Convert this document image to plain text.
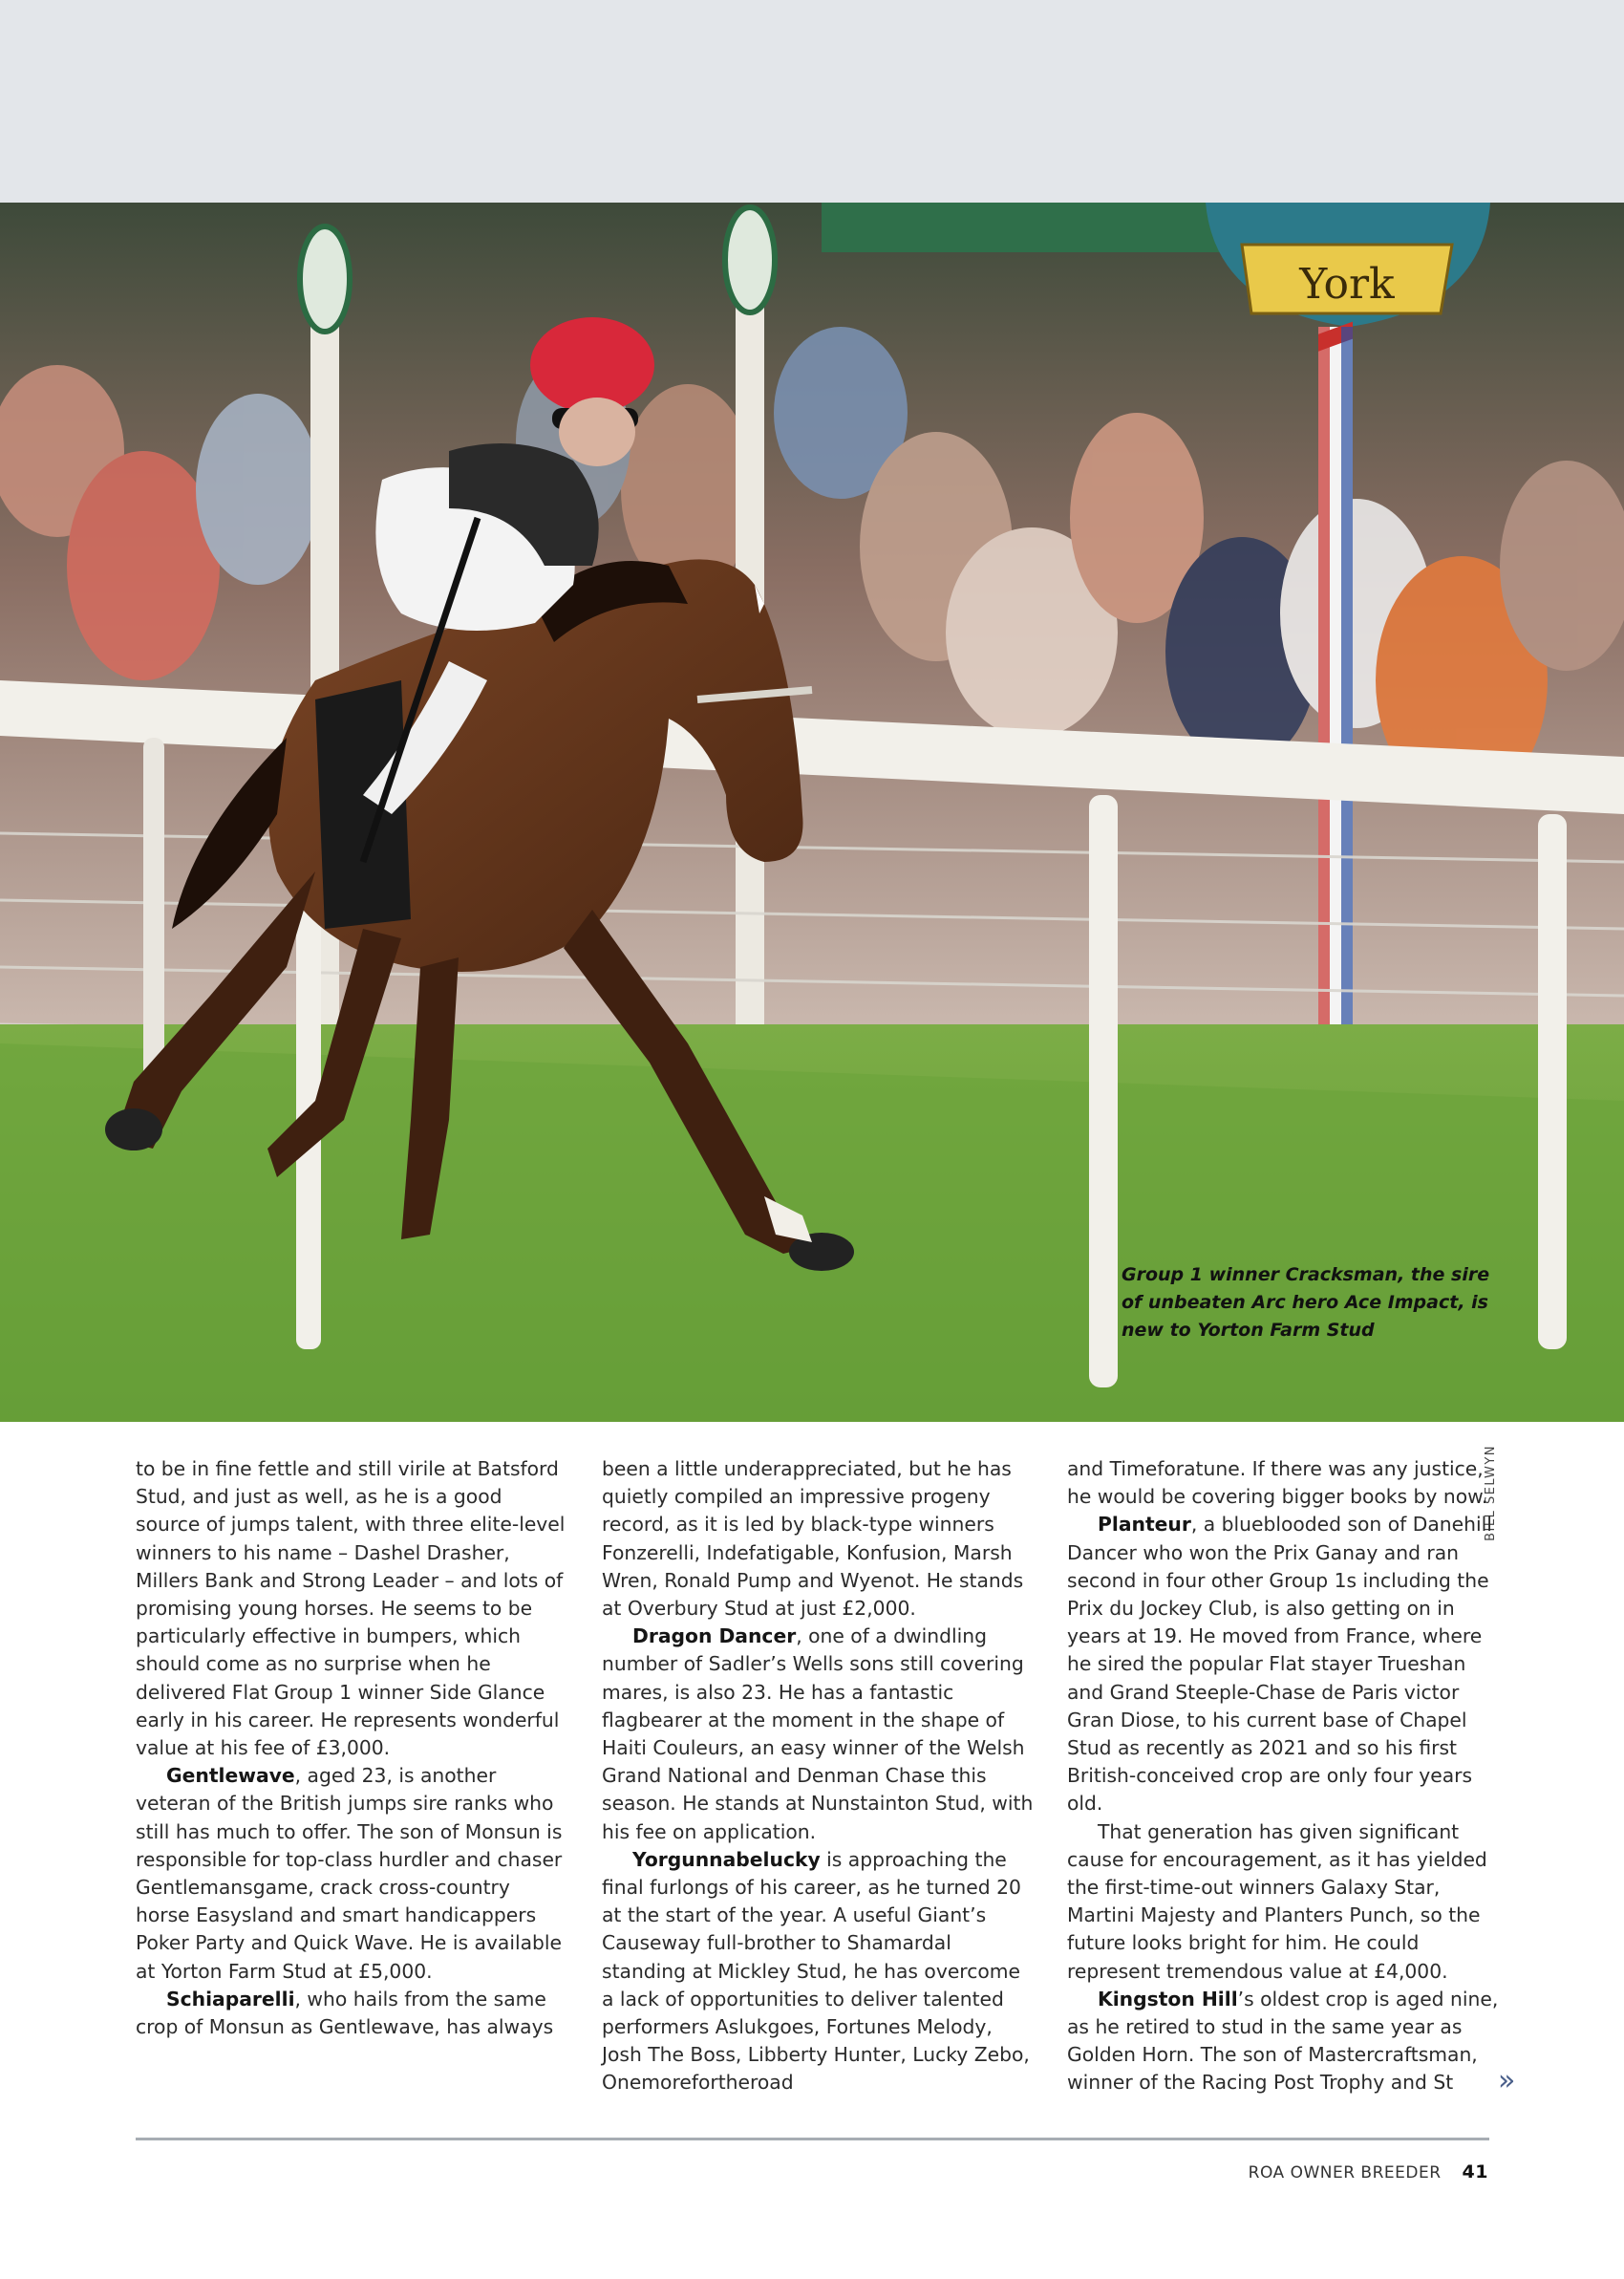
York
Group 1 winner Cracksman, the sire of unbeaten Arc hero Ace Impact, is new to Yorton Farm Stud
BILL SELWYN

to be in fine fettle and still virile at Batsford Stud, and just as well, as he is a good source of jumps talent, with three elite-level winners to his name – Dashel Drasher, Millers Bank and Strong Leader – and lots of promising young horses. He seems to be particularly effective in bumpers, which should come as no surprise when he delivered Flat Group 1 winner Side Glance early in his career. He represents wonderful value at his fee of £3,000.

Gentlewave, aged 23, is another veteran of the British jumps sire ranks who still has much to offer. The son of Monsun is responsible for top-class hurdler and chaser Gentlemansgame, crack cross-country horse Easysland and smart handicappers Poker Party and Quick Wave. He is available at Yorton Farm Stud at £5,000.

Schiaparelli, who hails from the same crop of Monsun as Gentlewave, has always

been a little underappreciated, but he has quietly compiled an impressive progeny record, as it is led by black-type winners Fonzerelli, Indefatigable, Konfusion, Marsh Wren, Ronald Pump and Wyenot. He stands at Overbury Stud at just £2,000.

Dragon Dancer, one of a dwindling number of Sadler’s Wells sons still covering mares, is also 23. He has a fantastic flagbearer at the moment in the shape of Haiti Couleurs, an easy winner of the Welsh Grand National and Denman Chase this season. He stands at Nunstainton Stud, with his fee on application.

Yorgunnabelucky is approaching the final furlongs of his career, as he turned 20 at the start of the year. A useful Giant’s Causeway full-brother to Shamardal standing at Mickley Stud, he has overcome a lack of opportunities to deliver talented performers Aslukgoes, Fortunes Melody, Josh The Boss, Libberty Hunter, Lucky Zebo, Onemorefortheroad

and Timeforatune. If there was any justice, he would be covering bigger books by now.

Planteur, a blueblooded son of Danehill Dancer who won the Prix Ganay and ran second in four other Group 1s including the Prix du Jockey Club, is also getting on in years at 19. He moved from France, where he sired the popular Flat stayer Trueshan and Grand Steeple-Chase de Paris victor Gran Diose, to his current base of Chapel Stud as recently as 2021 and so his first British-conceived crop are only four years old.

That generation has given significant cause for encouragement, as it has yielded the first-time-out winners Galaxy Star, Martini Majesty and Planters Punch, so the future looks bright for him. He could represent tremendous value at £4,000.

Kingston Hill’s oldest crop is aged nine, as he retired to stud in the same year as Golden Horn. The son of Mastercraftsman, winner of the Racing Post Trophy and St	»
ROA OWNER BREEDER 41
